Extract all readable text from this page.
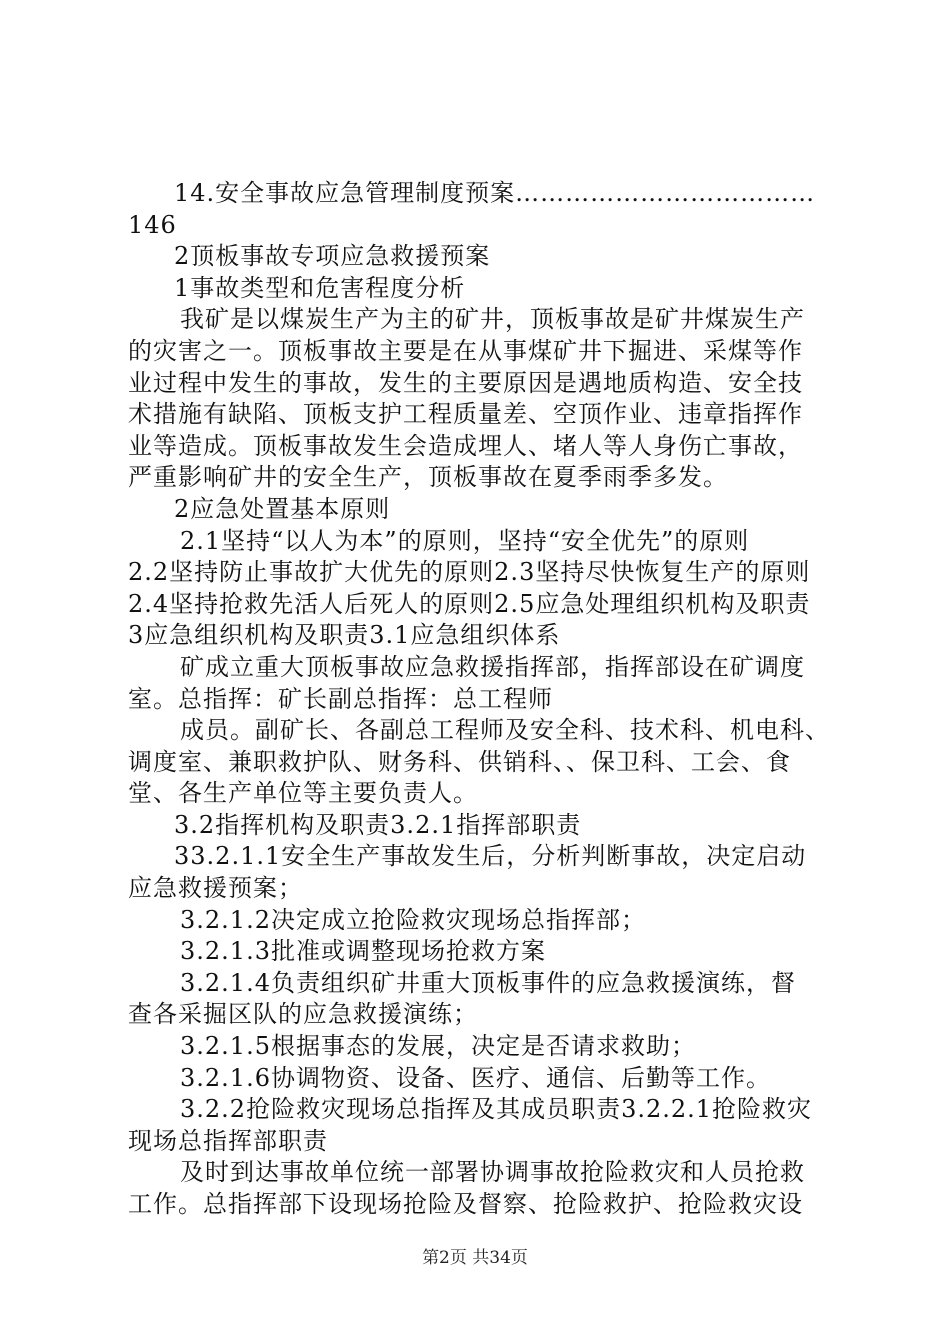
14.安全事故应急管理制度预案………………………………
146
2顶板事故专项应急救援预案
1事故类型和危害程度分析
我矿是以煤炭生产为主的矿井，顶板事故是矿井煤炭生产
的灾害之一。顶板事故主要是在从事煤矿井下掘进、采煤等作
业过程中发生的事故，发生的主要原因是遇地质构造、安全技
术措施有缺陷、顶板支护工程质量差、空顶作业、违章指挥作
业等造成。顶板事故发生会造成埋人、堵人等人身伤亡事故，
严重影响矿井的安全生产，顶板事故在夏季雨季多发。
2应急处置基本原则
2.1坚持“以人为本”的原则，坚持“安全优先”的原则
2.2坚持防止事故扩大优先的原则2.3坚持尽快恢复生产的原则
2.4坚持抢救先活人后死人的原则2.5应急处理组织机构及职责
3应急组织机构及职责3.1应急组织体系
矿成立重大顶板事故应急救援指挥部，指挥部设在矿调度
室。总指挥：矿长副总指挥：总工程师
成员。副矿长、各副总工程师及安全科、技术科、机电科、
调度室、兼职救护队、财务科、供销科、、保卫科、工会、食
堂、各生产单位等主要负责人。
3.2指挥机构及职责3.2.1指挥部职责
33.2.1.1安全生产事故发生后，分析判断事故，决定启动
应急救援预案；
3.2.1.2决定成立抢险救灾现场总指挥部；
3.2.1.3批准或调整现场抢救方案
3.2.1.4负责组织矿井重大顶板事件的应急救援演练，督
查各采掘区队的应急救援演练；
3.2.1.5根据事态的发展，决定是否请求救助；
3.2.1.6协调物资、设备、医疗、通信、后勤等工作。
3.2.2抢险救灾现场总指挥及其成员职责3.2.2.1抢险救灾
现场总指挥部职责
及时到达事故单位统一部署协调事故抢险救灾和人员抢救
工作。总指挥部下设现场抢险及督察、抢险救护、抢险救灾设
第2页 共34页
